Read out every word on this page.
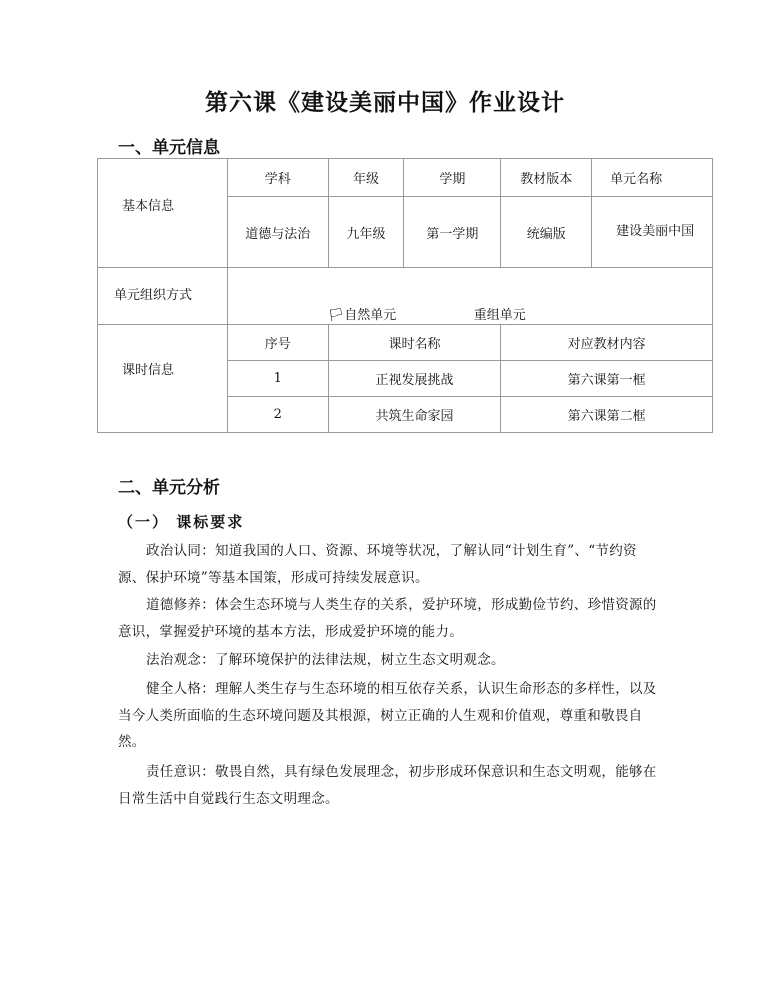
第六课《建设美丽中国》作业设计
一、单元信息
基本信息	学科	年级	学期	教材版本	单元名称
	道德与法治	九年级	第一学期	统编版	建设美丽中国
单元组织方式	🏳自然单元 重组单元				

课时信息	序号	课时名称		对应教材内容	
	1	正视发展挑战		第六课第一框	
	2	共筑生命家园		第六课第二框	
二、单元分析
（一） 课标要求
政治认同：知道我国的人口、资源、环境等状况，了解认同“计划生育”、“节约资源、保护环境”等基本国策，形成可持续发展意识。
道德修养：体会生态环境与人类生存的关系，爱护环境，形成勤俭节约、珍惜资源的意识，掌握爱护环境的基本方法，形成爱护环境的能力。
法治观念：了解环境保护的法律法规，树立生态文明观念。
健全人格：理解人类生存与生态环境的相互依存关系，认识生命形态的多样性，以及当今人类所面临的生态环境问题及其根源，树立正确的人生观和价值观，尊重和敬畏自然。
责任意识：敬畏自然，具有绿色发展理念，初步形成环保意识和生态文明观，能够在日常生活中自觉践行生态文明理念。
